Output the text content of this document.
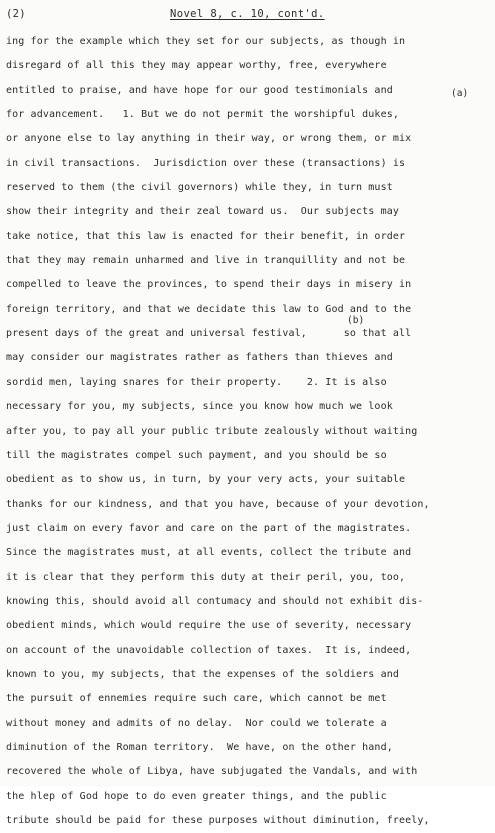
(2)	Novel 8, c. 10, cont'd.
ing for the example which they set for our subjects, as though in
disregard of all this they may appear worthy, free, everywhere
entitled to praise, and have hope for our good testimonials and
for advancement.   1. But we do not permit the worshipful dukes,
or anyone else to lay anything in their way, or wrong them, or mix
in civil transactions.  Jurisdiction over these (transactions) is
reserved to them (the civil governors) while they, in turn must
show their integrity and their zeal toward us.  Our subjects may
take notice, that this law is enacted for their benefit, in order
that they may remain unharmed and live in tranquillity and not be
compelled to leave the provinces, to spend their days in misery in
foreign territory, and that we decidate this law to God and to the
present days of the great and universal festival,      so that all
may consider our magistrates rather as fathers than thieves and
sordid men, laying snares for their property.    2. It is also
necessary for you, my subjects, since you know how much we look
after you, to pay all your public tribute zealously without waiting
till the magistrates compel such payment, and you should be so
obedient as to show us, in turn, by your very acts, your suitable
thanks for our kindness, and that you have, because of your devotion,
just claim on every favor and care on the part of the magistrates.
Since the magistrates must, at all events, collect the tribute and
it is clear that they perform this duty at their peril, you, too,
knowing this, should avoid all contumacy and should not exhibit dis-
obedient minds, which would require the use of severity, necessary
on account of the unavoidable collection of taxes.  It is, indeed,
known to you, my subjects, that the expenses of the soldiers and
the pursuit of ennemies require such care, which cannot be met
without money and admits of no delay.  Nor could we tolerate a
diminution of the Roman territory.  We have, on the other hand,
recovered the whole of Libya, have subjugated the Vandals, and with
the hlep of God hope to do even greater things, and the public
tribute should be paid for these purposes without diminution, freely,
(a)
(b)
